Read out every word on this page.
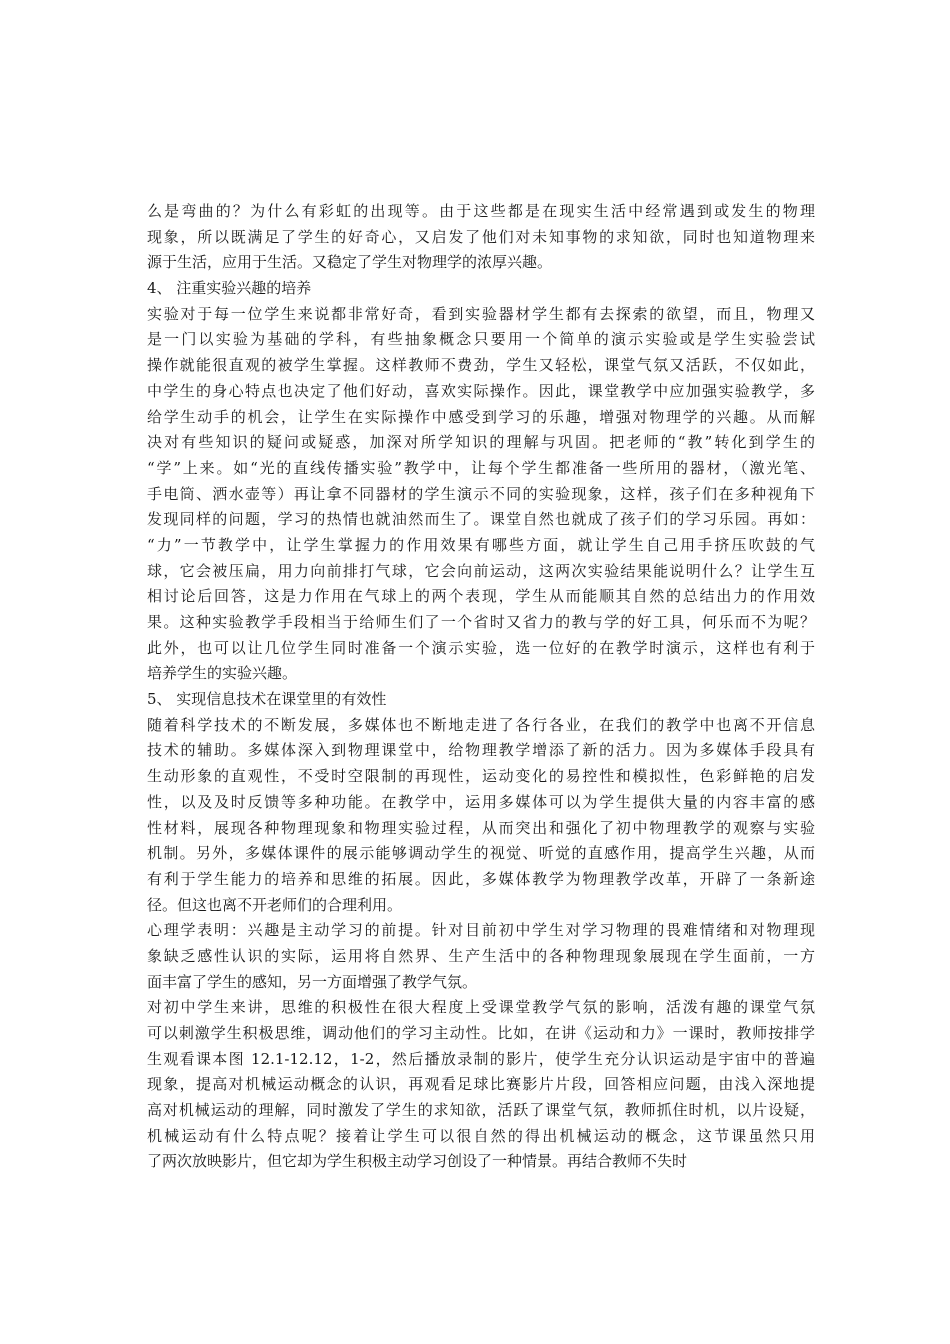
么是弯曲的？为什么有彩虹的出现等。由于这些都是在现实生活中经常遇到或发生的物理
现象，所以既满足了学生的好奇心，又启发了他们对未知事物的求知欲，同时也知道物理来
源于生活，应用于生活。又稳定了学生对物理学的浓厚兴趣。
4、 注重实验兴趣的培养
实验对于每一位学生来说都非常好奇，看到实验器材学生都有去探索的欲望，而且，物理又
是一门以实验为基础的学科，有些抽象概念只要用一个简单的演示实验或是学生实验尝试
操作就能很直观的被学生掌握。这样教师不费劲，学生又轻松，课堂气氛又活跃，不仅如此，
中学生的身心特点也决定了他们好动，喜欢实际操作。因此，课堂教学中应加强实验教学，多
给学生动手的机会，让学生在实际操作中感受到学习的乐趣，增强对物理学的兴趣。从而解
决对有些知识的疑问或疑惑，加深对所学知识的理解与巩固。把老师的“教”转化到学生的
“学”上来。如“光的直线传播实验”教学中，让每个学生都准备一些所用的器材，（激光笔、
手电筒、洒水壶等）再让拿不同器材的学生演示不同的实验现象，这样，孩子们在多种视角下
发现同样的问题，学习的热情也就油然而生了。课堂自然也就成了孩子们的学习乐园。再如：
“力”一节教学中，让学生掌握力的作用效果有哪些方面，就让学生自己用手挤压吹鼓的气
球，它会被压扁，用力向前排打气球，它会向前运动，这两次实验结果能说明什么？让学生互
相讨论后回答，这是力作用在气球上的两个表现，学生从而能顺其自然的总结出力的作用效
果。这种实验教学手段相当于给师生们了一个省时又省力的教与学的好工具，何乐而不为呢？
此外，也可以让几位学生同时准备一个演示实验，选一位好的在教学时演示，这样也有利于
培养学生的实验兴趣。
5、 实现信息技术在课堂里的有效性
随着科学技术的不断发展，多媒体也不断地走进了各行各业，在我们的教学中也离不开信息
技术的辅助。多媒体深入到物理课堂中，给物理教学增添了新的活力。因为多媒体手段具有
生动形象的直观性，不受时空限制的再现性，运动变化的易控性和模拟性，色彩鲜艳的启发
性，以及及时反馈等多种功能。在教学中，运用多媒体可以为学生提供大量的内容丰富的感
性材料，展现各种物理现象和物理实验过程，从而突出和强化了初中物理教学的观察与实验
机制。另外，多媒体课件的展示能够调动学生的视觉、听觉的直感作用，提高学生兴趣，从而
有利于学生能力的培养和思维的拓展。因此，多媒体教学为物理教学改革，开辟了一条新途
径。但这也离不开老师们的合理利用。
心理学表明：兴趣是主动学习的前提。针对目前初中学生对学习物理的畏难情绪和对物理现
象缺乏感性认识的实际，运用将自然界、生产生活中的各种物理现象展现在学生面前，一方
面丰富了学生的感知，另一方面增强了教学气氛。
对初中学生来讲，思维的积极性在很大程度上受课堂教学气氛的影响，活泼有趣的课堂气氛
可以刺激学生积极思维，调动他们的学习主动性。比如，在讲《运动和力》一课时，教师按排学
生观看课本图 12.1-12.12，1-2，然后播放录制的影片，使学生充分认识运动是宇宙中的普遍
现象，提高对机械运动概念的认识，再观看足球比赛影片片段，回答相应问题，由浅入深地提
高对机械运动的理解，同时激发了学生的求知欲，活跃了课堂气氛，教师抓住时机，以片设疑，
机械运动有什么特点呢？接着让学生可以很自然的得出机械运动的概念，这节课虽然只用
了两次放映影片，但它却为学生积极主动学习创设了一种情景。再结合教师不失时
